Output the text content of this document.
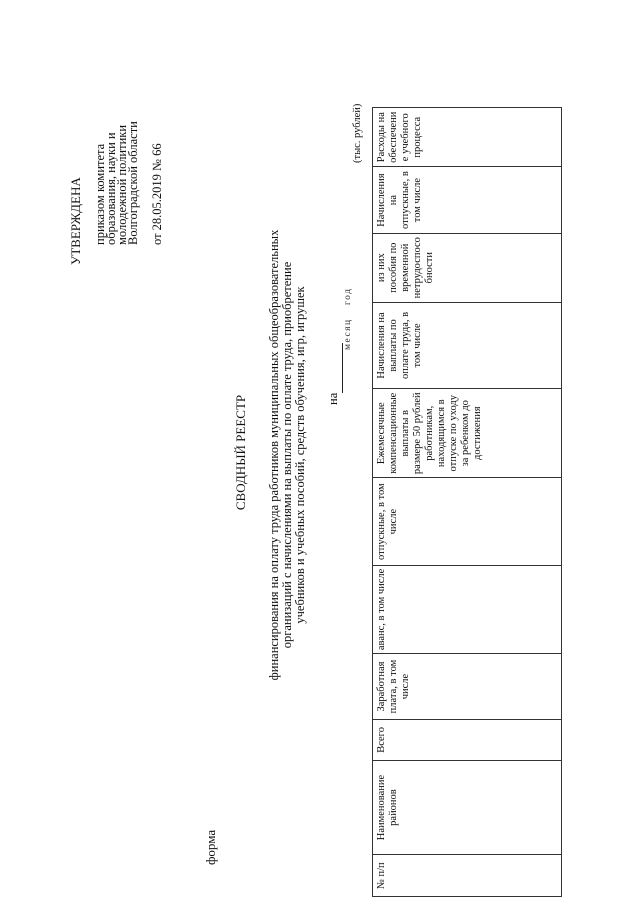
УТВЕРЖДЕНА приказом комитета
образования, науки и
молодежной политики
Волгоградской области от 28.05.2019 № 66
форма
СВОДНЫЙ РЕЕСТР финансирования на оплату труда работников муниципальных общеобразовательных организаций с начислениями на выплаты по оплате труда, приобретение учебников и учебных пособий, средств обучения, игр, игрушек на
месяц
год
(тыс. рублей)
№ п/п	Наименование районов	Всего	Заработная плата, в том числе	аванс, в том числе	отпускные, в том числе	Ежемесячные компенсационные выплаты в размере 50 рублей работникам, находящимся в отпуске по уходу за ребенком до достижения	Начисления на выплаты по оплате труда, в том числе	из них пособия по временной нетрудоспособности	Начисления на отпускные, в том числе	Расходы на обеспечение учебного процесса
